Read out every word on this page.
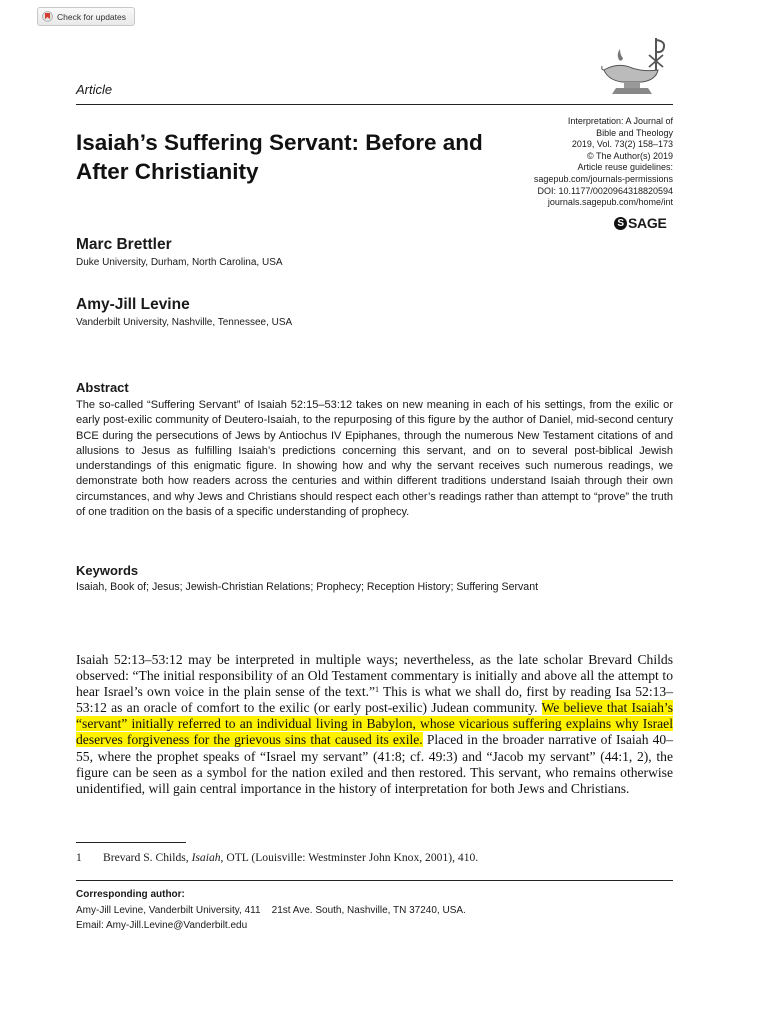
Check for updates
Article
Isaiah’s Suffering Servant: Before and After Christianity
Interpretation: A Journal of
Bible and Theology
2019, Vol. 73(2) 158–173
© The Author(s) 2019
Article reuse guidelines:
sagepub.com/journals-permissions
DOI: 10.1177/0020964318820594
journals.sagepub.com/home/int
S SAGE
Marc Brettler
Duke University, Durham, North Carolina, USA
Amy-Jill Levine
Vanderbilt University, Nashville, Tennessee, USA
Abstract

The so-called “Suffering Servant” of Isaiah 52:15–53:12 takes on new meaning in each of his settings, from the exilic or early post-exilic community of Deutero-Isaiah, to the repurposing of this figure by the author of Daniel, mid-second century BCE during the persecutions of Jews by Antiochus IV Epiphanes, through the numerous New Testament citations of and allusions to Jesus as fulfilling Isaiah’s predictions concerning this servant, and on to several post-biblical Jewish understandings of this enigmatic figure. In showing how and why the servant receives such numerous readings, we demonstrate both how readers across the centuries and within different traditions understand Isaiah through their own circumstances, and why Jews and Christians should respect each other’s readings rather than attempt to “prove” the truth of one tradition on the basis of a specific understanding of prophecy.

Keywords
Isaiah, Book of; Jesus; Jewish-Christian Relations; Prophecy; Reception History; Suffering Servant

Isaiah 52:13–53:12 may be interpreted in multiple ways; nevertheless, as the late scholar Brevard Childs observed: “The initial responsibility of an Old Testament commentary is initially and above all the attempt to hear Israel’s own voice in the plain sense of the text.”$^1$ This is what we shall do, first by reading Isa 52:13–53:12 as an oracle of comfort to the exilic (or early post-exilic) Judean community. We believe that Isaiah’s “servant” initially referred to an individual living in Babylon, whose vicarious suffering explains why Israel deserves forgiveness for the grievous sins that caused its exile. Placed in the broader narrative of Isaiah 40–55, where the prophet speaks of “Israel my servant” (41:8; cf. 49:3) and “Jacob my servant” (44:1, 2), the figure can be seen as a symbol for the nation exiled and then restored. This servant, who remains otherwise unidentified, will gain central importance in the history of interpretation for both Jews and Christians.

1 Brevard S. Childs, Isaiah, OTL (Louisville: Westminster John Knox, 2001), 410.
Corresponding author:
Amy-Jill Levine, Vanderbilt University, 411    21st Ave. South, Nashville, TN 37240, USA.
Email: Amy-Jill.Levine@Vanderbilt.edu
